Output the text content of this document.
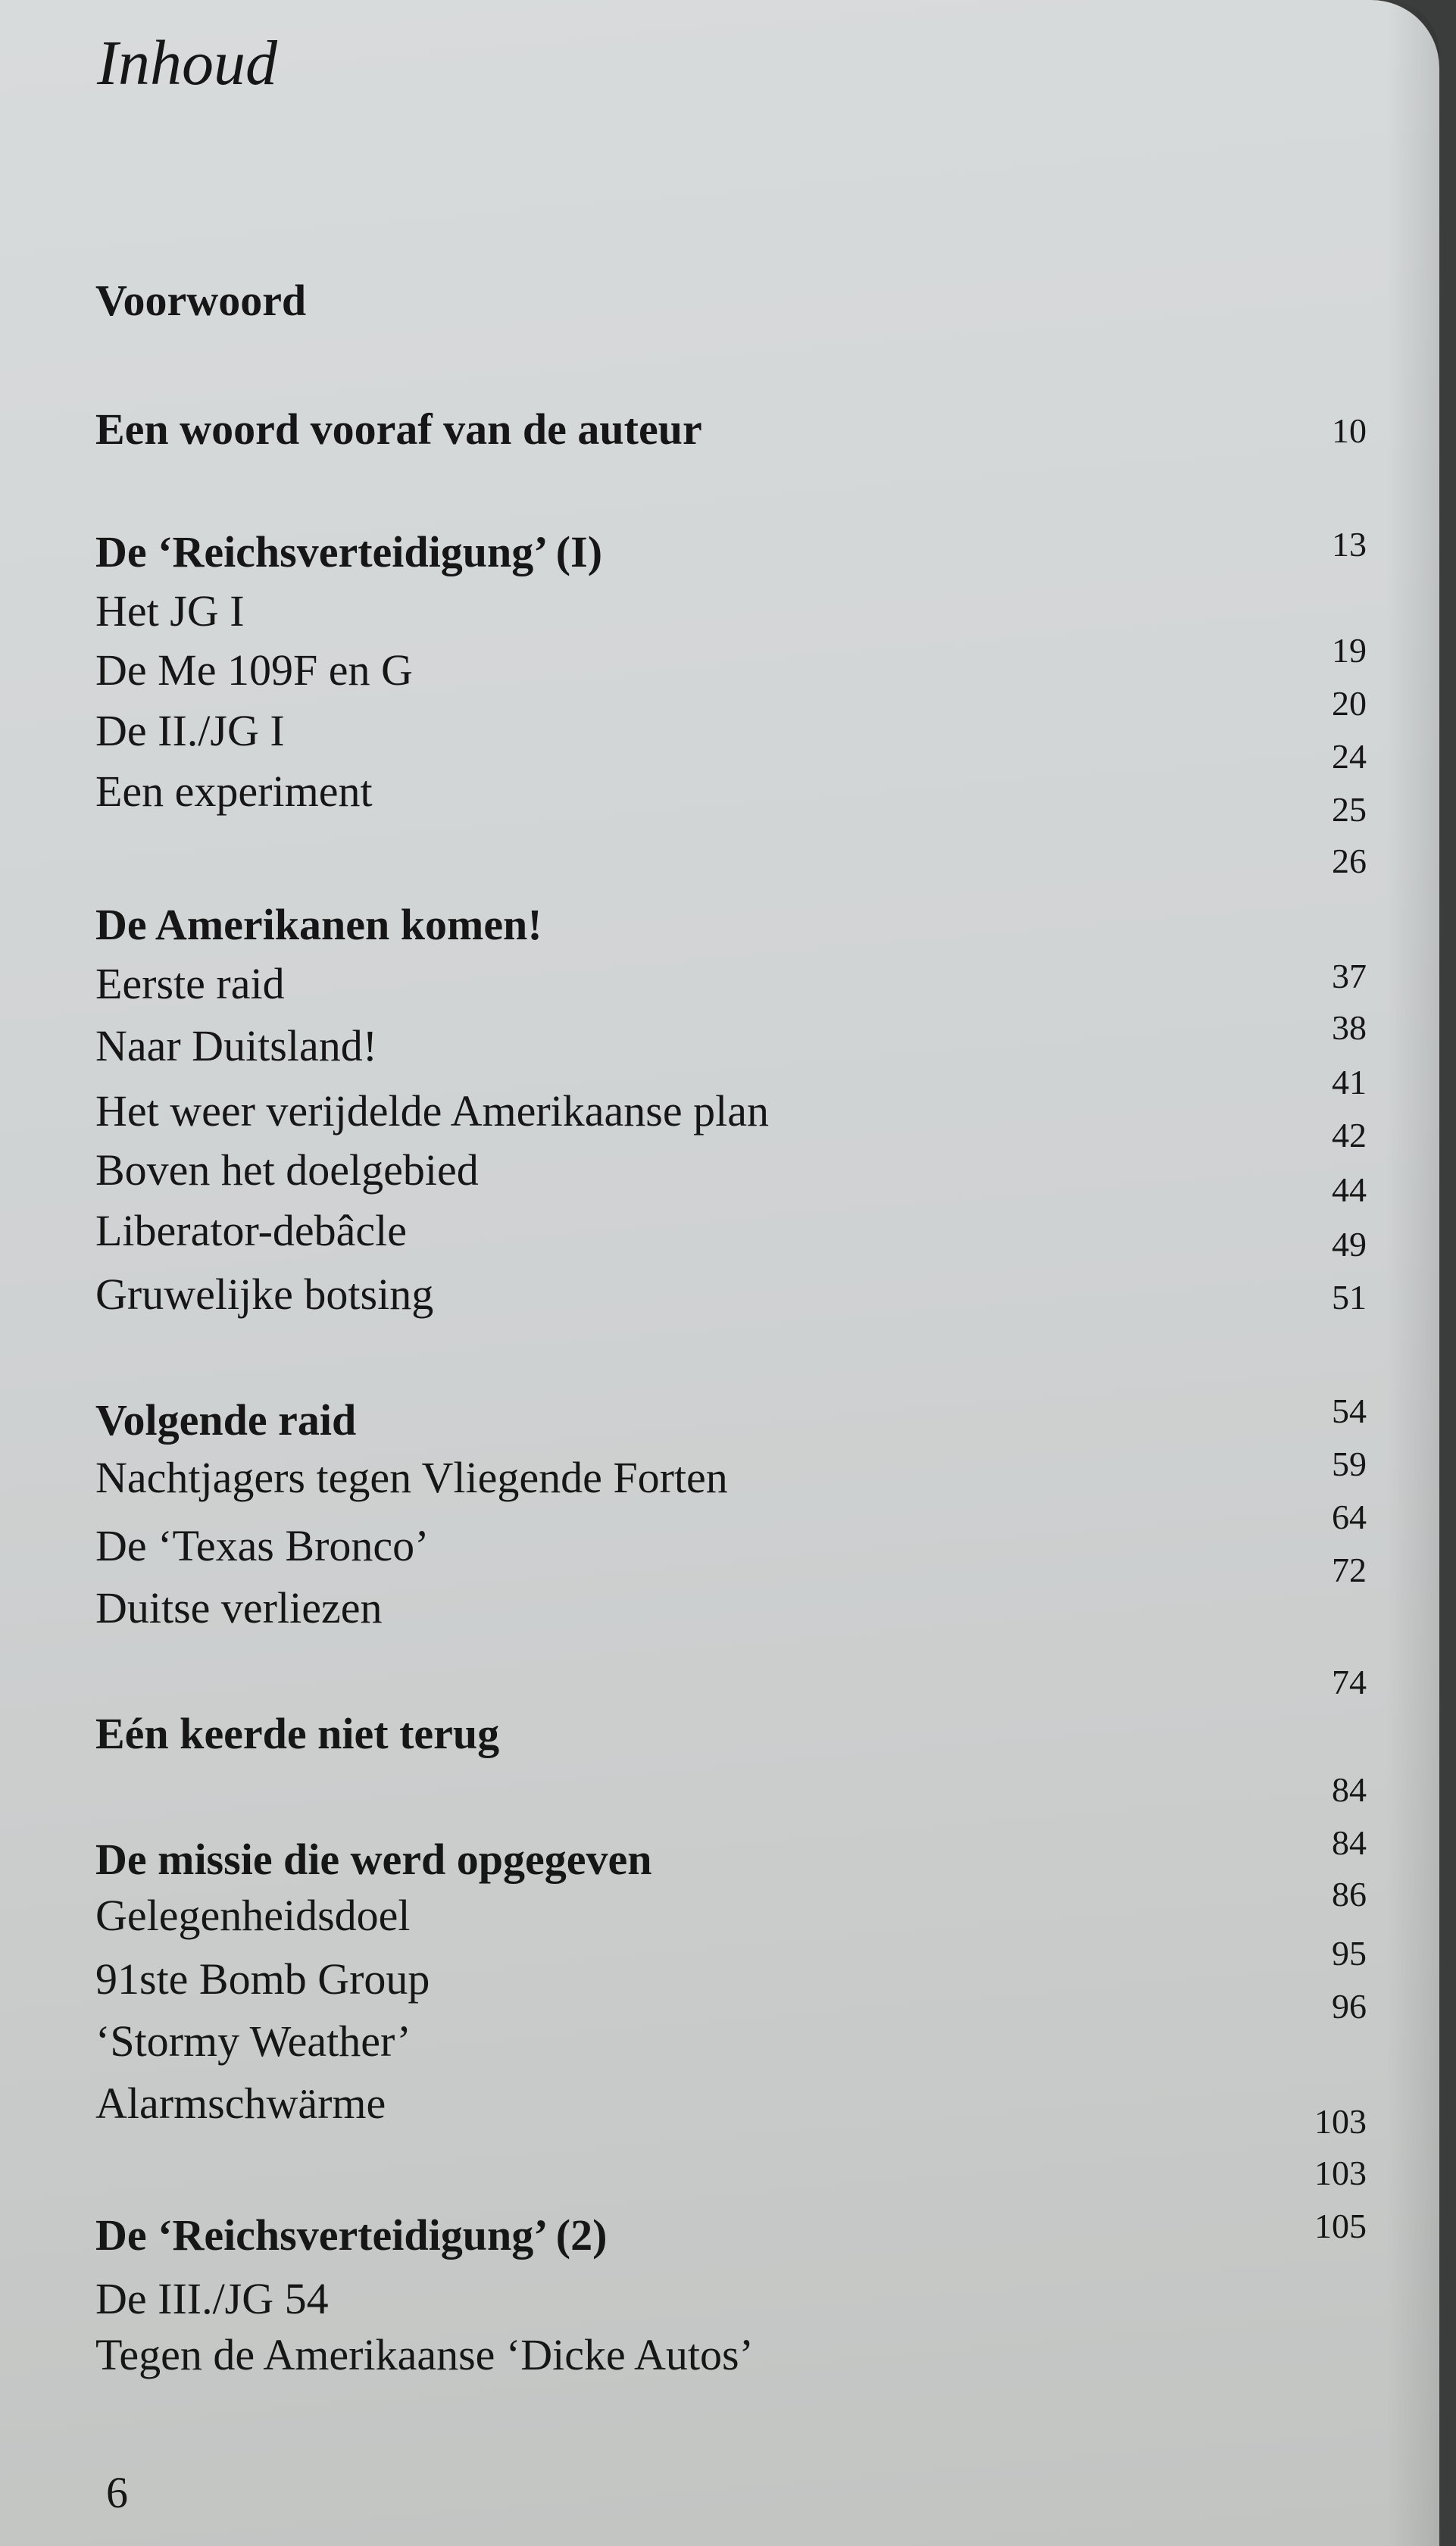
Inhoud
Voorwoord
Een woord vooraf van de auteur
De ‘Reichsverteidigung’ (I)
Het JG I
De Me 109F en G
De II./JG I
Een experiment
De Amerikanen komen!
Eerste raid
Naar Duitsland!
Het weer verijdelde Amerikaanse plan
Boven het doelgebied
Liberator-debâcle
Gruwelijke botsing
Volgende raid
Nachtjagers tegen Vliegende Forten
De ‘Texas Bronco’
Duitse verliezen
Eén keerde niet terug
De missie die werd opgegeven
Gelegenheidsdoel
91ste Bomb Group
‘Stormy Weather’
Alarmschwärme
De ‘Reichsverteidigung’ (2)
De III./JG 54
Tegen de Amerikaanse ‘Dicke Autos’
10
13
19
20
24
25
26
37
38
41
42
44
49
51
54
59
64
72
74
84
84
86
95
96
103
103
105
6
